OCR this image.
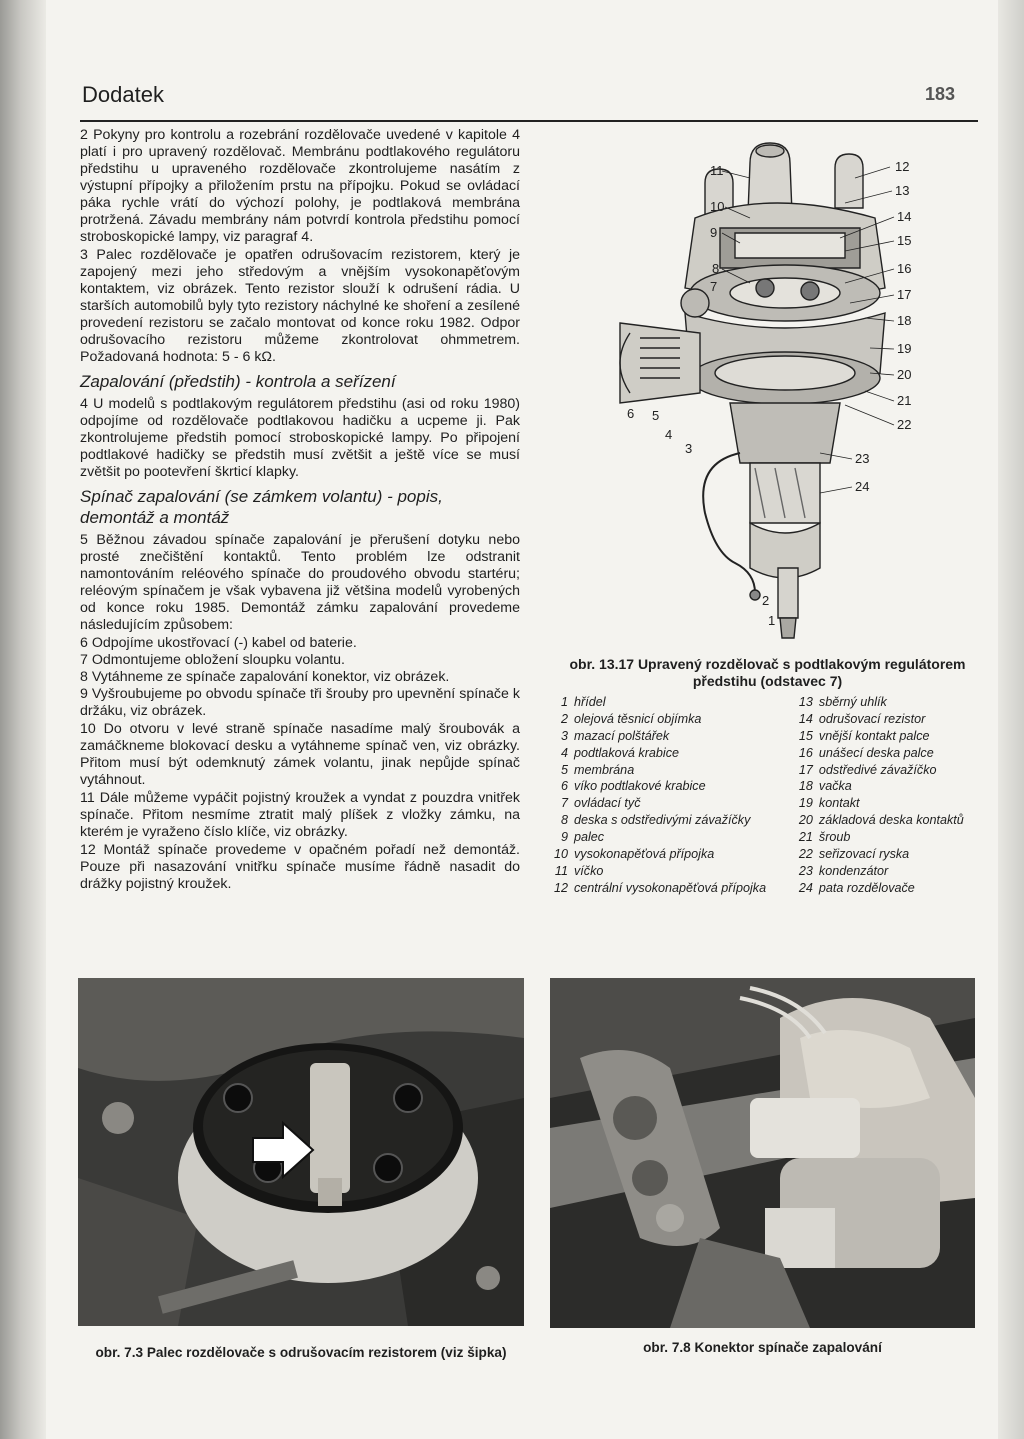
Dodatek	183

2 Pokyny pro kontrolu a rozebrání rozdělovače uvedené v kapitole 4 platí i pro upravený rozdělovač. Membránu podtlakového regulátoru předstihu u upraveného rozdělovače zkontrolujeme nasátím z výstupní přípojky a přiložením prstu na přípojku. Pokud se ovládací páka rychle vrátí do výchozí polohy, je podtlaková membrána protržená. Závadu membrány nám potvrdí kontrola předstihu pomocí stroboskopické lampy, viz paragraf 4.

3 Palec rozdělovače je opatřen odrušovacím rezistorem, který je zapojený mezi jeho středovým a vnějším vysokonapěťovým kontaktem, viz obrázek. Tento rezistor slouží k odrušení rádia. U starších automobilů byly tyto rezistory náchylné ke shoření a zesílené provedení rezistoru se začalo montovat od konce roku 1982. Odpor odrušovacího rezistoru můžeme zkontrolovat ohmmetrem. Požadovaná hodnota: 5 - 6 kΩ.

Zapalování (předstih) - kontrola a seřízení

4 U modelů s podtlakovým regulátorem předstihu (asi od roku 1980) odpojíme od rozdělovače podtlakovou hadičku a ucpeme ji. Pak zkontrolujeme předstih pomocí stroboskopické lampy. Po připojení podtlakové hadičky se předstih musí zvětšit a ještě více se musí zvětšit po pootevření škrticí klapky.

Spínač zapalování (se zámkem volantu) - popis, demontáž a montáž

5 Běžnou závadou spínače zapalování je přerušení dotyku nebo prosté znečištění kontaktů. Tento problém lze odstranit namontováním reléového spínače do proudového obvodu startéru; reléovým spínačem je však vybavena již většina modelů vyrobených od konce roku 1985. Demontáž zámku zapalování provedeme následujícím způsobem:

6 Odpojíme ukostřovací (-) kabel od baterie.

7 Odmontujeme obložení sloupku volantu.

8 Vytáhneme ze spínače zapalování konektor, viz obrázek.

9 Vyšroubujeme po obvodu spínače tři šrouby pro upevnění spínače k držáku, viz obrázek.

10 Do otvoru v levé straně spínače nasadíme malý šroubovák a zamáčkneme blokovací desku a vytáhneme spínač ven, viz obrázky. Přitom musí být odemknutý zámek volantu, jinak nepůjde spínač vytáhnout.

11 Dále můžeme vypáčit pojistný kroužek a vyndat z pouzdra vnitřek spínače. Přitom nesmíme ztratit malý plíšek z vložky zámku, na kterém je vyraženo číslo klíče, viz obrázky.

12 Montáž spínače provedeme v opačném pořadí než demontáž. Pouze při nasazování vnitřku spínače musíme řádně nasadit do drážky pojistný kroužek.

11
10
9
8
7
6 5
4
3
2
1
12
13
14
15
16
17
18
19
20
21
22
23
24
obr. 13.17 Upravený rozdělovač s podtlakovým regulátorem předstihu (odstavec 7)
1	hřídel	13	sběrný uhlík
2	olejová těsnicí objímka	14	odrušovací rezistor
3	mazací polštářek	15	vnější kontakt palce
4	podtlaková krabice	16	unášecí deska palce
5	membrána	17	odstředivé závažíčko
6	víko podtlakové krabice	18	vačka
7	ovládací tyč	19	kontakt
8	deska s odstředivými závažíčky	20	základová deska kontaktů
9	palec	21	šroub
10	vysokonapěťová přípojka	22	seřizovací ryska
11	víčko	23	kondenzátor
12	centrální vysokonapěťová přípojka	24	pata rozdělovače
obr. 7.3 Palec rozdělovače s odrušovacím rezistorem (viz šipka)	obr. 7.8 Konektor spínače zapalování
